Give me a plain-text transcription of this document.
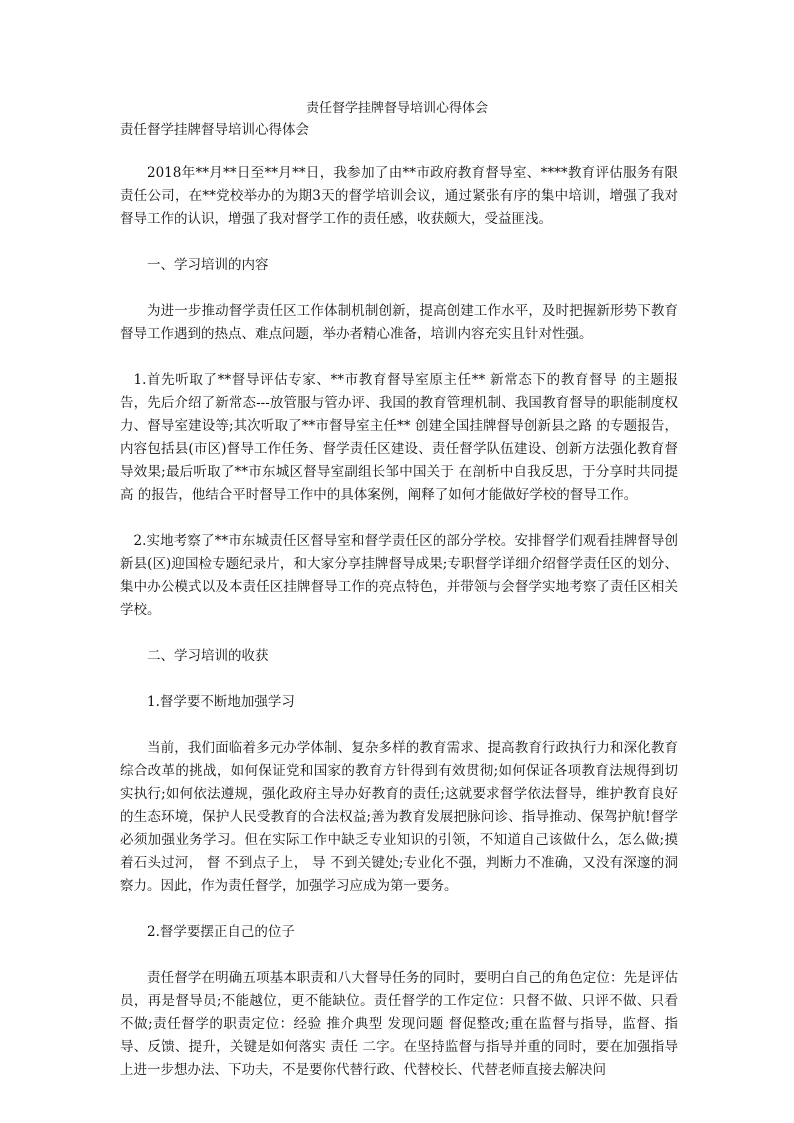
责任督学挂牌督导培训心得体会
责任督学挂牌督导培训心得体会

2018年**月**日至**月**日，我参加了由**市政府教育督导室、****教育评估服务有限责任公司，在**党校举办的为期3天的督学培训会议，通过紧张有序的集中培训，增强了我对督导工作的认识，增强了我对督学工作的责任感，收获颇大，受益匪浅。

一、学习培训的内容

为进一步推动督学责任区工作体制机制创新，提高创建工作水平，及时把握新形势下教育督导工作遇到的热点、难点问题，举办者精心准备，培训内容充实且针对性强。

1.首先听取了**督导评估专家、**市教育督导室原主任** 新常态下的教育督导 的主题报告，先后介绍了新常态---放管服与管办评、我国的教育管理机制、我国教育督导的职能制度权力、督导室建设等;其次听取了**市督导室主任** 创建全国挂牌督导创新县之路 的专题报告，内容包括县(市区)督导工作任务、督学责任区建设、责任督学队伍建设、创新方法强化教育督导效果;最后听取了**市东城区督导室副组长邹中国关于 在剖析中自我反思，于分享时共同提高 的报告，他结合平时督导工作中的具体案例，阐释了如何才能做好学校的督导工作。

2.实地考察了**市东城责任区督导室和督学责任区的部分学校。安排督学们观看挂牌督导创新县(区)迎国检专题纪录片，和大家分享挂牌督导成果;专职督学详细介绍督学责任区的划分、集中办公模式以及本责任区挂牌督导工作的亮点特色，并带领与会督学实地考察了责任区相关学校。

二、学习培训的收获

1.督学要不断地加强学习

当前，我们面临着多元办学体制、复杂多样的教育需求、提高教育行政执行力和深化教育综合改革的挑战，如何保证党和国家的教育方针得到有效贯彻;如何保证各项教育法规得到切实执行;如何依法遵规，强化政府主导办好教育的责任;这就要求督学依法督导，维护教育良好的生态环境，保护人民受教育的合法权益;善为教育发展把脉问诊、指导推动、保驾护航!督学必须加强业务学习。但在实际工作中缺乏专业知识的引领，不知道自己该做什么，怎么做;摸着石头过河， 督 不到点子上， 导 不到关键处;专业化不强，判断力不准确，又没有深邃的洞察力。因此，作为责任督学，加强学习应成为第一要务。

2.督学要摆正自己的位子

责任督学在明确五项基本职责和八大督导任务的同时，要明白自己的角色定位：先是评估员，再是督导员;不能越位，更不能缺位。责任督学的工作定位：只督不做、只评不做、只看不做;责任督学的职责定位：经验 推介典型 发现问题 督促整改;重在监督与指导，监督、指导、反馈、提升，关键是如何落实 责任 二字。在坚持监督与指导并重的同时，要在加强指导上进一步想办法、下功夫，不是要你代替行政、代替校长、代替老师直接去解决问
